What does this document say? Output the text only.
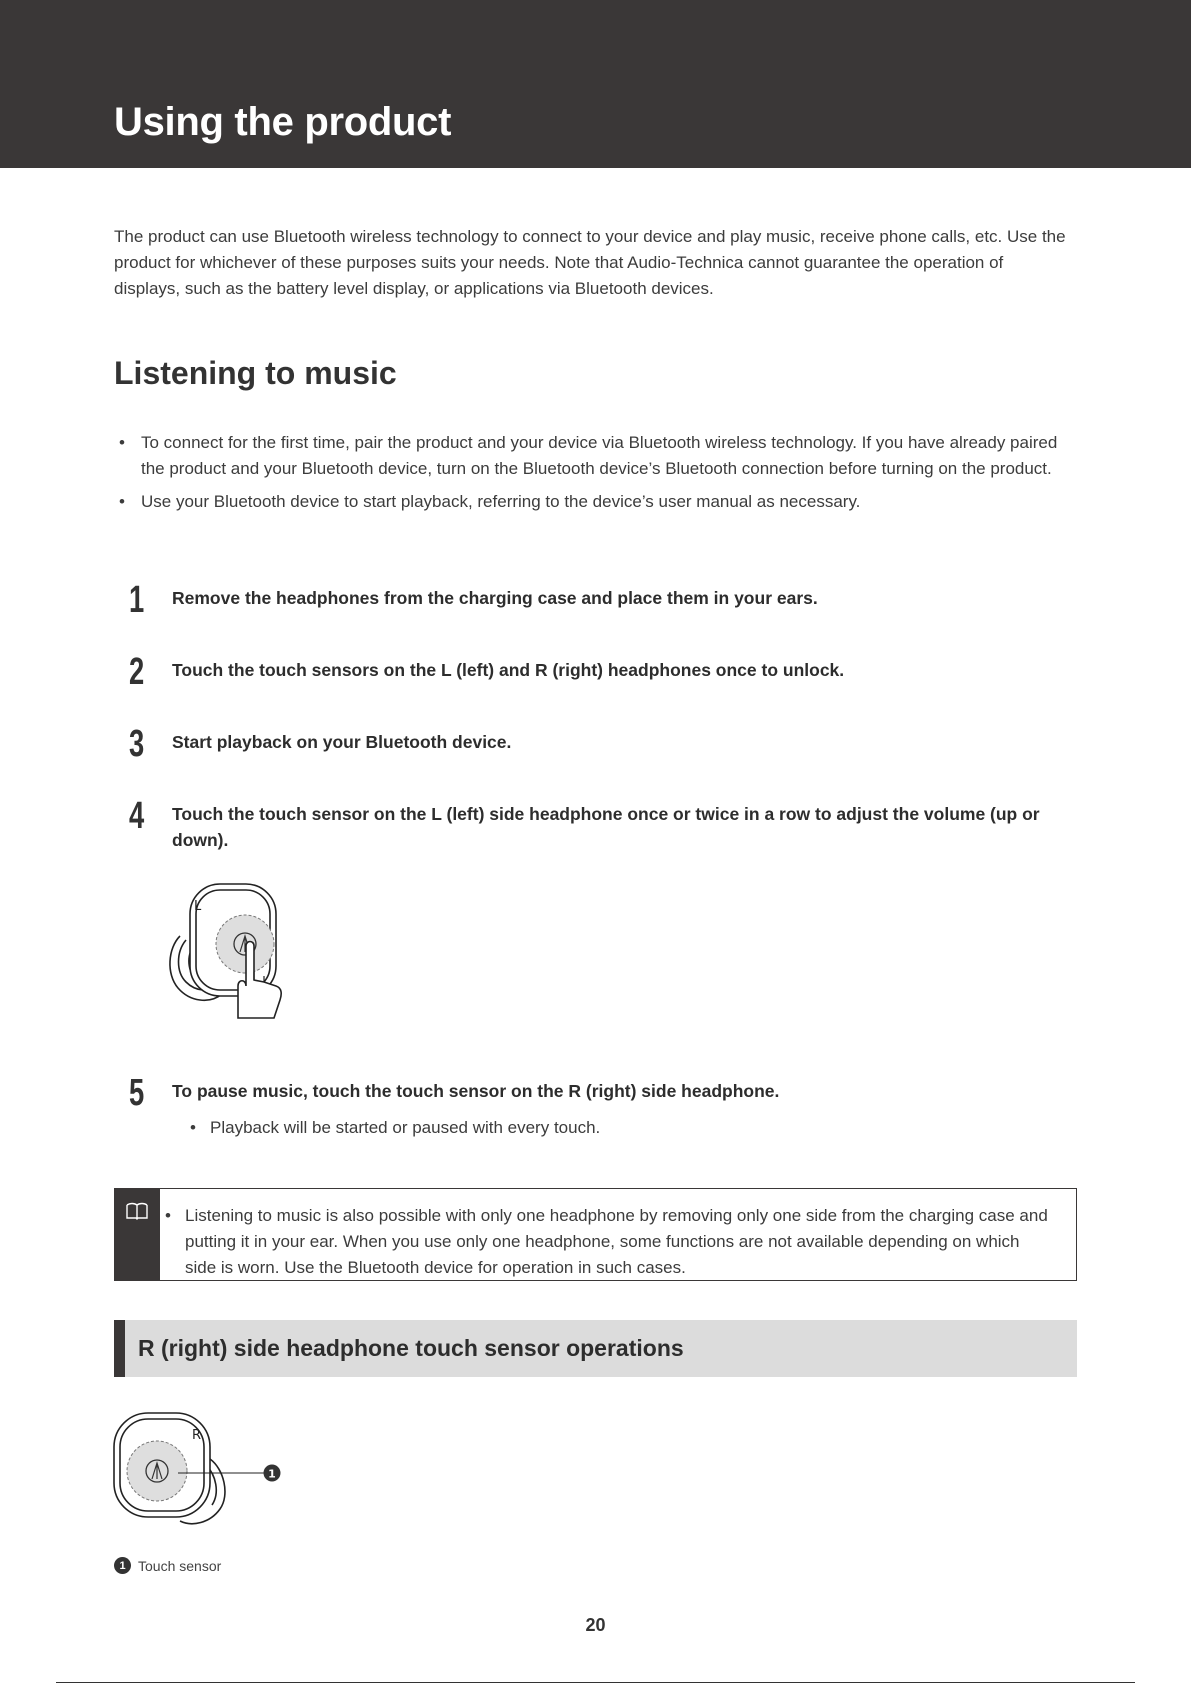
Using the product

The product can use Bluetooth wireless technology to connect to your device and play music, receive phone calls, etc. Use the product for whichever of these purposes suits your needs. Note that Audio-Technica cannot guarantee the operation of displays, such as the battery level display, or applications via Bluetooth devices.

Listening to music
• To connect for the first time, pair the product and your device via Bluetooth wireless technology. If you have already paired the product and your Bluetooth device, turn on the Bluetooth device’s Bluetooth connection before turning on the product.
• Use your Bluetooth device to start playback, referring to the device’s user manual as necessary.
1 Remove the headphones from the charging case and place them in your ears.
2 Touch the touch sensors on the L (left) and R (right) headphones once to unlock.
3 Start playback on your Bluetooth device.
4 Touch the touch sensor on the L (left) side headphone once or twice in a row to adjust the volume (up or down).
L
5 To pause music, touch the touch sensor on the R (right) side headphone.
• Playback will be started or paused with every touch.
• Listening to music is also possible with only one headphone by removing only one side from the charging case and putting it in your ear. When you use only one headphone, some functions are not available depending on which side is worn. Use the Bluetooth device for operation in such cases.
R (right) side headphone touch sensor operations
R
1
1 Touch sensor
20
